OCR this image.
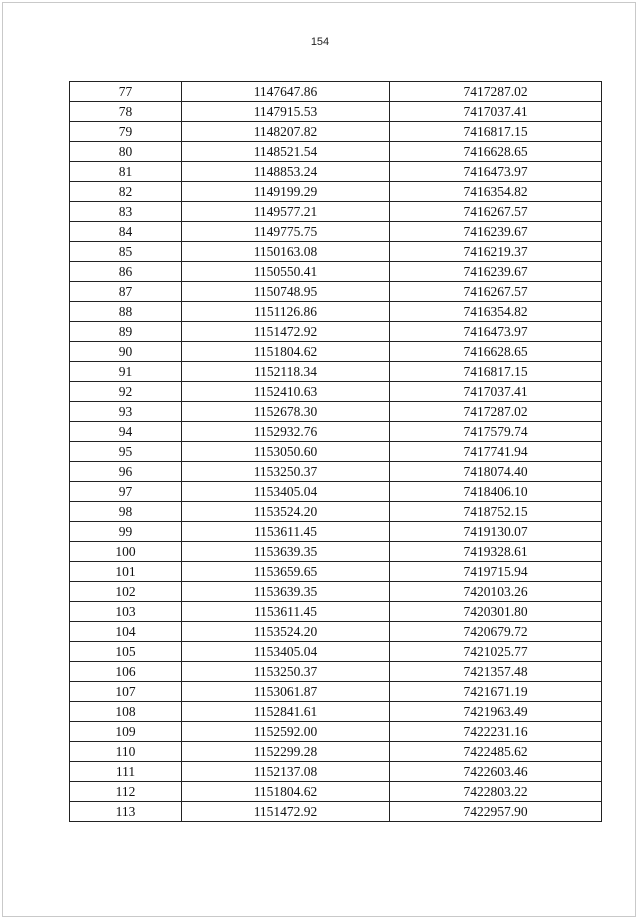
154
77	1147647.86	7417287.02
78	1147915.53	7417037.41
79	1148207.82	7416817.15
80	1148521.54	7416628.65
81	1148853.24	7416473.97
82	1149199.29	7416354.82
83	1149577.21	7416267.57
84	1149775.75	7416239.67
85	1150163.08	7416219.37
86	1150550.41	7416239.67
87	1150748.95	7416267.57
88	1151126.86	7416354.82
89	1151472.92	7416473.97
90	1151804.62	7416628.65
91	1152118.34	7416817.15
92	1152410.63	7417037.41
93	1152678.30	7417287.02
94	1152932.76	7417579.74
95	1153050.60	7417741.94
96	1153250.37	7418074.40
97	1153405.04	7418406.10
98	1153524.20	7418752.15
99	1153611.45	7419130.07
100	1153639.35	7419328.61
101	1153659.65	7419715.94
102	1153639.35	7420103.26
103	1153611.45	7420301.80
104	1153524.20	7420679.72
105	1153405.04	7421025.77
106	1153250.37	7421357.48
107	1153061.87	7421671.19
108	1152841.61	7421963.49
109	1152592.00	7422231.16
110	1152299.28	7422485.62
111	1152137.08	7422603.46
112	1151804.62	7422803.22
113	1151472.92	7422957.90
